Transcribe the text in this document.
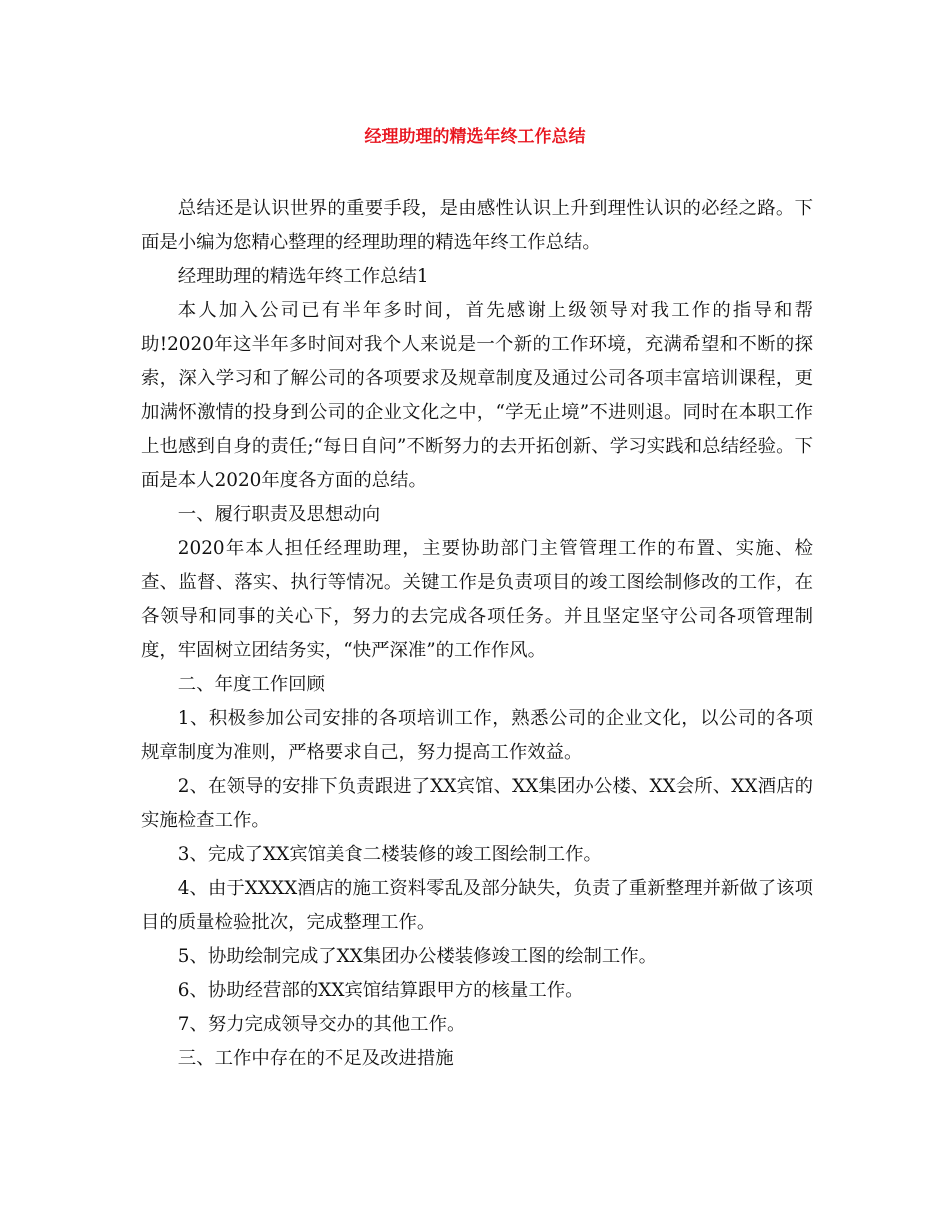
经理助理的精选年终工作总结

总结还是认识世界的重要手段，是由感性认识上升到理性认识的必经之路。下面是小编为您精心整理的经理助理的精选年终工作总结。

经理助理的精选年终工作总结1

本人加入公司已有半年多时间，首先感谢上级领导对我工作的指导和帮助!2020年这半年多时间对我个人来说是一个新的工作环境，充满希望和不断的探索，深入学习和了解公司的各项要求及规章制度及通过公司各项丰富培训课程，更加满怀激情的投身到公司的企业文化之中，“学无止境”不进则退。同时在本职工作上也感到自身的责任;“每日自问”不断努力的去开拓创新、学习实践和总结经验。下面是本人2020年度各方面的总结。

一、履行职责及思想动向

2020年本人担任经理助理，主要协助部门主管管理工作的布置、实施、检查、监督、落实、执行等情况。关键工作是负责项目的竣工图绘制修改的工作，在各领导和同事的关心下，努力的去完成各项任务。并且坚定坚守公司各项管理制度，牢固树立团结务实，“快严深准”的工作作风。

二、年度工作回顾

1、积极参加公司安排的各项培训工作，熟悉公司的企业文化，以公司的各项规章制度为准则，严格要求自己，努力提高工作效益。

2、在领导的安排下负责跟进了XX宾馆、XX集团办公楼、XX会所、XX酒店的实施检查工作。

3、完成了XX宾馆美食二楼装修的竣工图绘制工作。

4、由于XXXX酒店的施工资料零乱及部分缺失，负责了重新整理并新做了该项目的质量检验批次，完成整理工作。

5、协助绘制完成了XX集团办公楼装修竣工图的绘制工作。

6、协助经营部的XX宾馆结算跟甲方的核量工作。

7、努力完成领导交办的其他工作。

三、工作中存在的不足及改进措施
